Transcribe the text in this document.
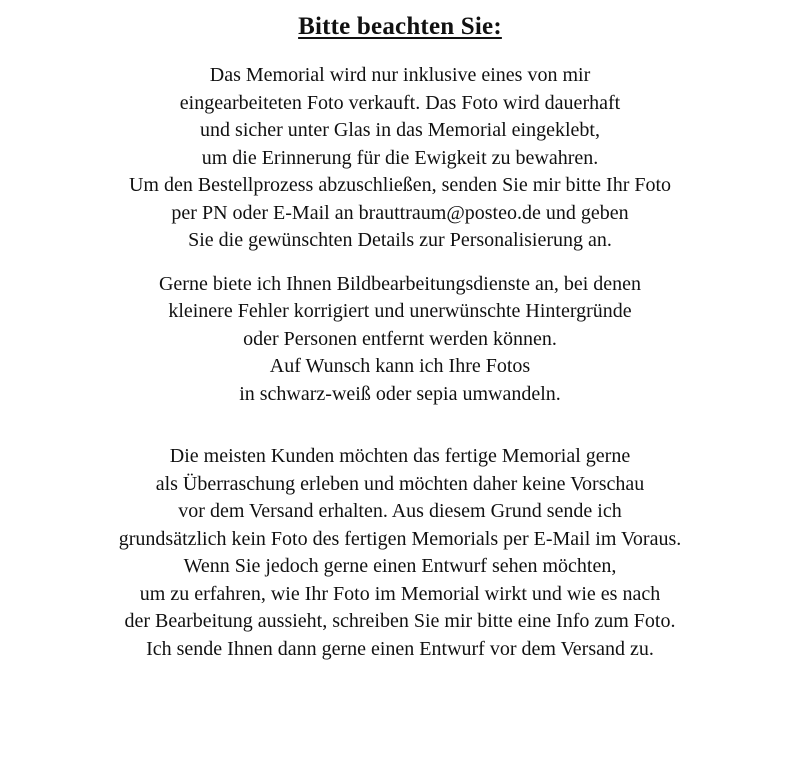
Bitte beachten Sie:

Das Memorial wird nur inklusive eines von mir
eingearbeiteten Foto verkauft. Das Foto wird dauerhaft
und sicher unter Glas in das Memorial eingeklebt,
um die Erinnerung für die Ewigkeit zu bewahren.
Um den Bestellprozess abzuschließen, senden Sie mir bitte Ihr Foto
per PN oder E-Mail an brauttraum@posteo.de und geben
Sie die gewünschten Details zur Personalisierung an.

Gerne biete ich Ihnen Bildbearbeitungsdienste an, bei denen
kleinere Fehler korrigiert und unerwünschte Hintergründe
oder Personen entfernt werden können.
Auf Wunsch kann ich Ihre Fotos
in schwarz-weiß oder sepia umwandeln.

Die meisten Kunden möchten das fertige Memorial gerne
als Überraschung erleben und möchten daher keine Vorschau
vor dem Versand erhalten. Aus diesem Grund sende ich
grundsätzlich kein Foto des fertigen Memorials per E-Mail im Voraus.
Wenn Sie jedoch gerne einen Entwurf sehen möchten,
um zu erfahren, wie Ihr Foto im Memorial wirkt und wie es nach
der Bearbeitung aussieht, schreiben Sie mir bitte eine Info zum Foto.
Ich sende Ihnen dann gerne einen Entwurf vor dem Versand zu.
